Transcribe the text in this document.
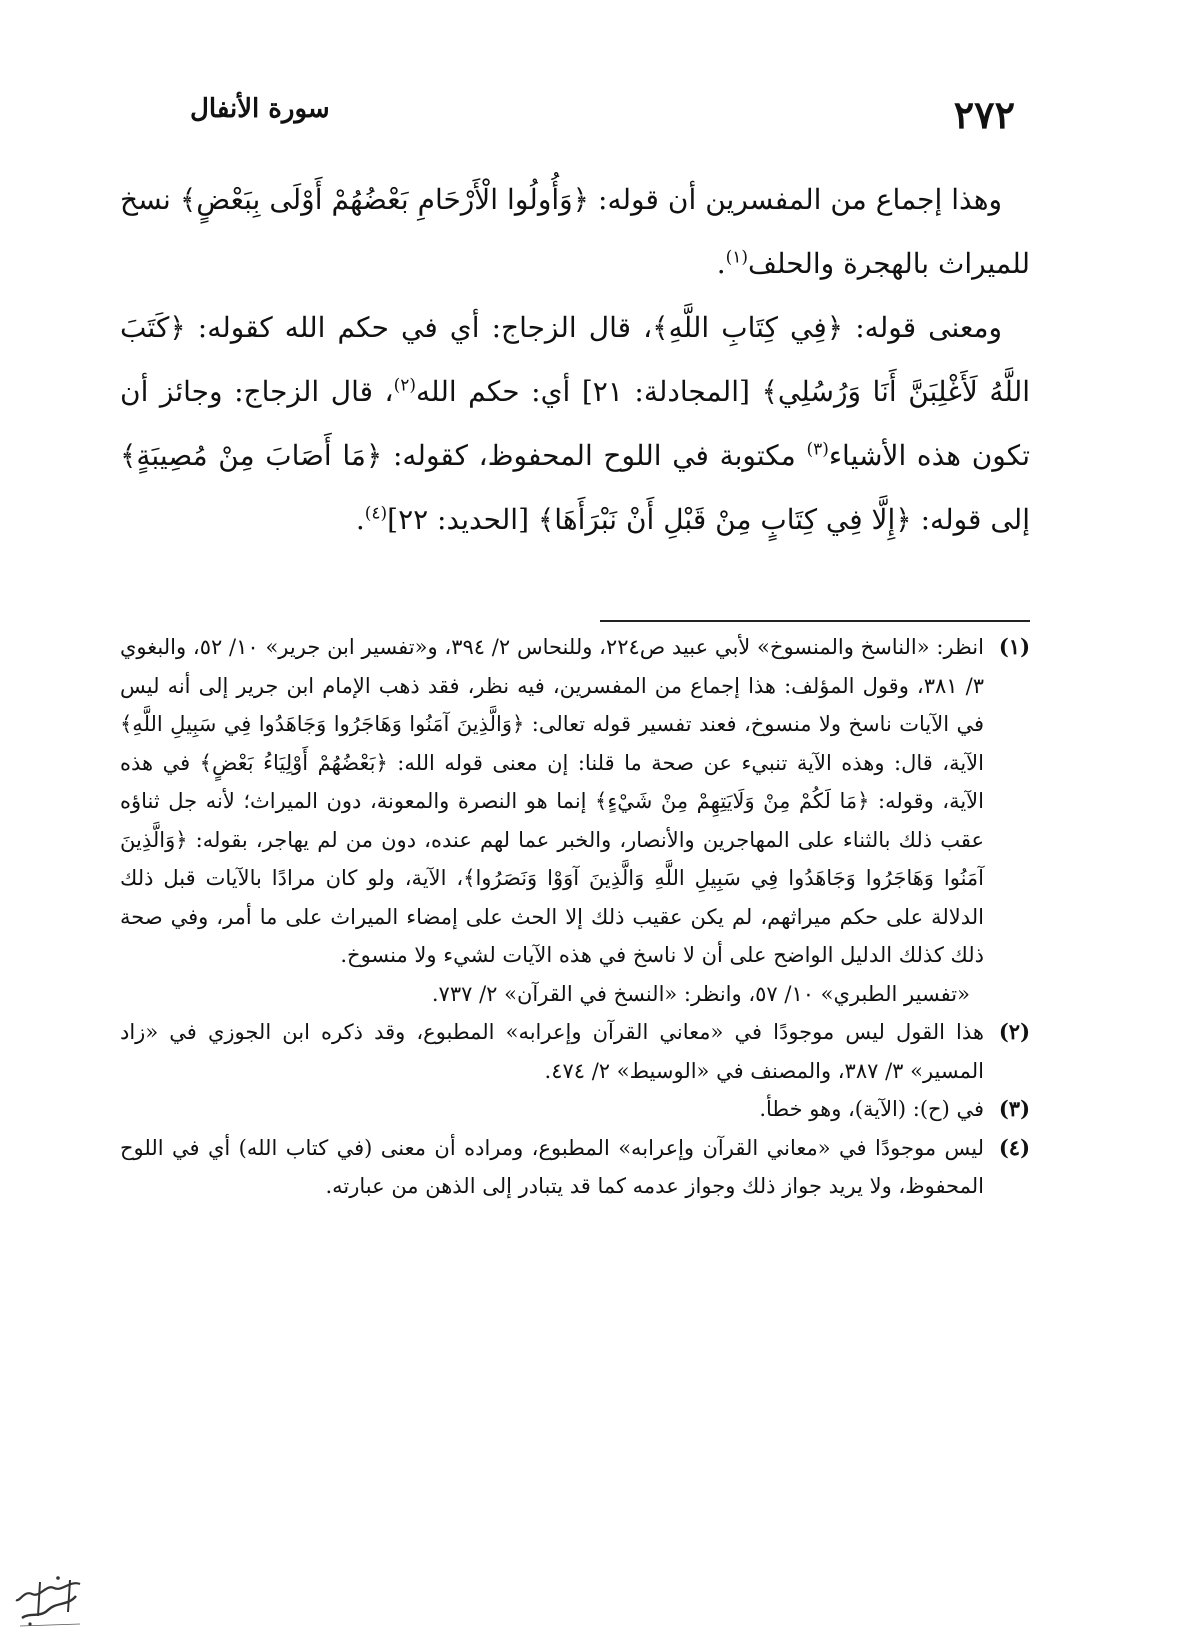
٢٧٢
سورة الأنفال

وهذا إجماع من المفسرين أن قوله: ﴿وَأُولُوا الْأَرْحَامِ بَعْضُهُمْ أَوْلَى بِبَعْضٍ﴾ نسخ للميراث بالهجرة والحلف$^{(١)}$.

ومعنى قوله: ﴿فِي كِتَابِ اللَّهِ﴾، قال الزجاج: أي في حكم الله كقوله: ﴿كَتَبَ اللَّهُ لَأَغْلِبَنَّ أَنَا وَرُسُلِي﴾ [المجادلة: ٢١] أي: حكم الله$^{(٢)}$، قال الزجاج: وجائز أن تكون هذه الأشياء$^{(٣)}$ مكتوبة في اللوح المحفوظ، كقوله: ﴿مَا أَصَابَ مِنْ مُصِيبَةٍ﴾ إلى قوله: ﴿إِلَّا فِي كِتَابٍ مِنْ قَبْلِ أَنْ نَبْرَأَهَا﴾ [الحديد: ٢٢]$^{(٤)}$.

(١)

انظر: «الناسخ والمنسوخ» لأبي عبيد ص٢٢٤، وللنحاس ٢/ ٣٩٤، و«تفسير ابن جرير» ١٠/ ٥٢، والبغوي ٣/ ٣٨١، وقول المؤلف: هذا إجماع من المفسرين، فيه نظر، فقد ذهب الإمام ابن جرير إلى أنه ليس في الآيات ناسخ ولا منسوخ، فعند تفسير قوله تعالى: ﴿وَالَّذِينَ آمَنُوا وَهَاجَرُوا وَجَاهَدُوا فِي سَبِيلِ اللَّهِ﴾ الآية، قال: وهذه الآية تنبيء عن صحة ما قلنا: إن معنى قوله الله: ﴿بَعْضُهُمْ أَوْلِيَاءُ بَعْضٍ﴾ في هذه الآية، وقوله: ﴿مَا لَكُمْ مِنْ وَلَايَتِهِمْ مِنْ شَيْءٍ﴾ إنما هو النصرة والمعونة، دون الميراث؛ لأنه جل ثناؤه عقب ذلك بالثناء على المهاجرين والأنصار، والخبر عما لهم عنده، دون من لم يهاجر، بقوله: ﴿وَالَّذِينَ آمَنُوا وَهَاجَرُوا وَجَاهَدُوا فِي سَبِيلِ اللَّهِ وَالَّذِينَ آوَوْا وَنَصَرُوا﴾، الآية، ولو كان مرادًا بالآيات قبل ذلك الدلالة على حكم ميراثهم، لم يكن عقيب ذلك إلا الحث على إمضاء الميراث على ما أمر، وفي صحة ذلك كذلك الدليل الواضح على أن لا ناسخ في هذه الآيات لشيء ولا منسوخ.

«تفسير الطبري» ١٠/ ٥٧، وانظر: «النسخ في القرآن» ٢/ ٧٣٧.

(٢)

هذا القول ليس موجودًا في «معاني القرآن وإعرابه» المطبوع، وقد ذكره ابن الجوزي في «زاد المسير» ٣/ ٣٨٧، والمصنف في «الوسيط» ٢/ ٤٧٤.

(٣)

في (ح): (الآية)، وهو خطأ.

(٤)

ليس موجودًا في «معاني القرآن وإعرابه» المطبوع، ومراده أن معنى (في كتاب الله) أي في اللوح المحفوظ، ولا يريد جواز ذلك وجواز عدمه كما قد يتبادر إلى الذهن من عبارته.
